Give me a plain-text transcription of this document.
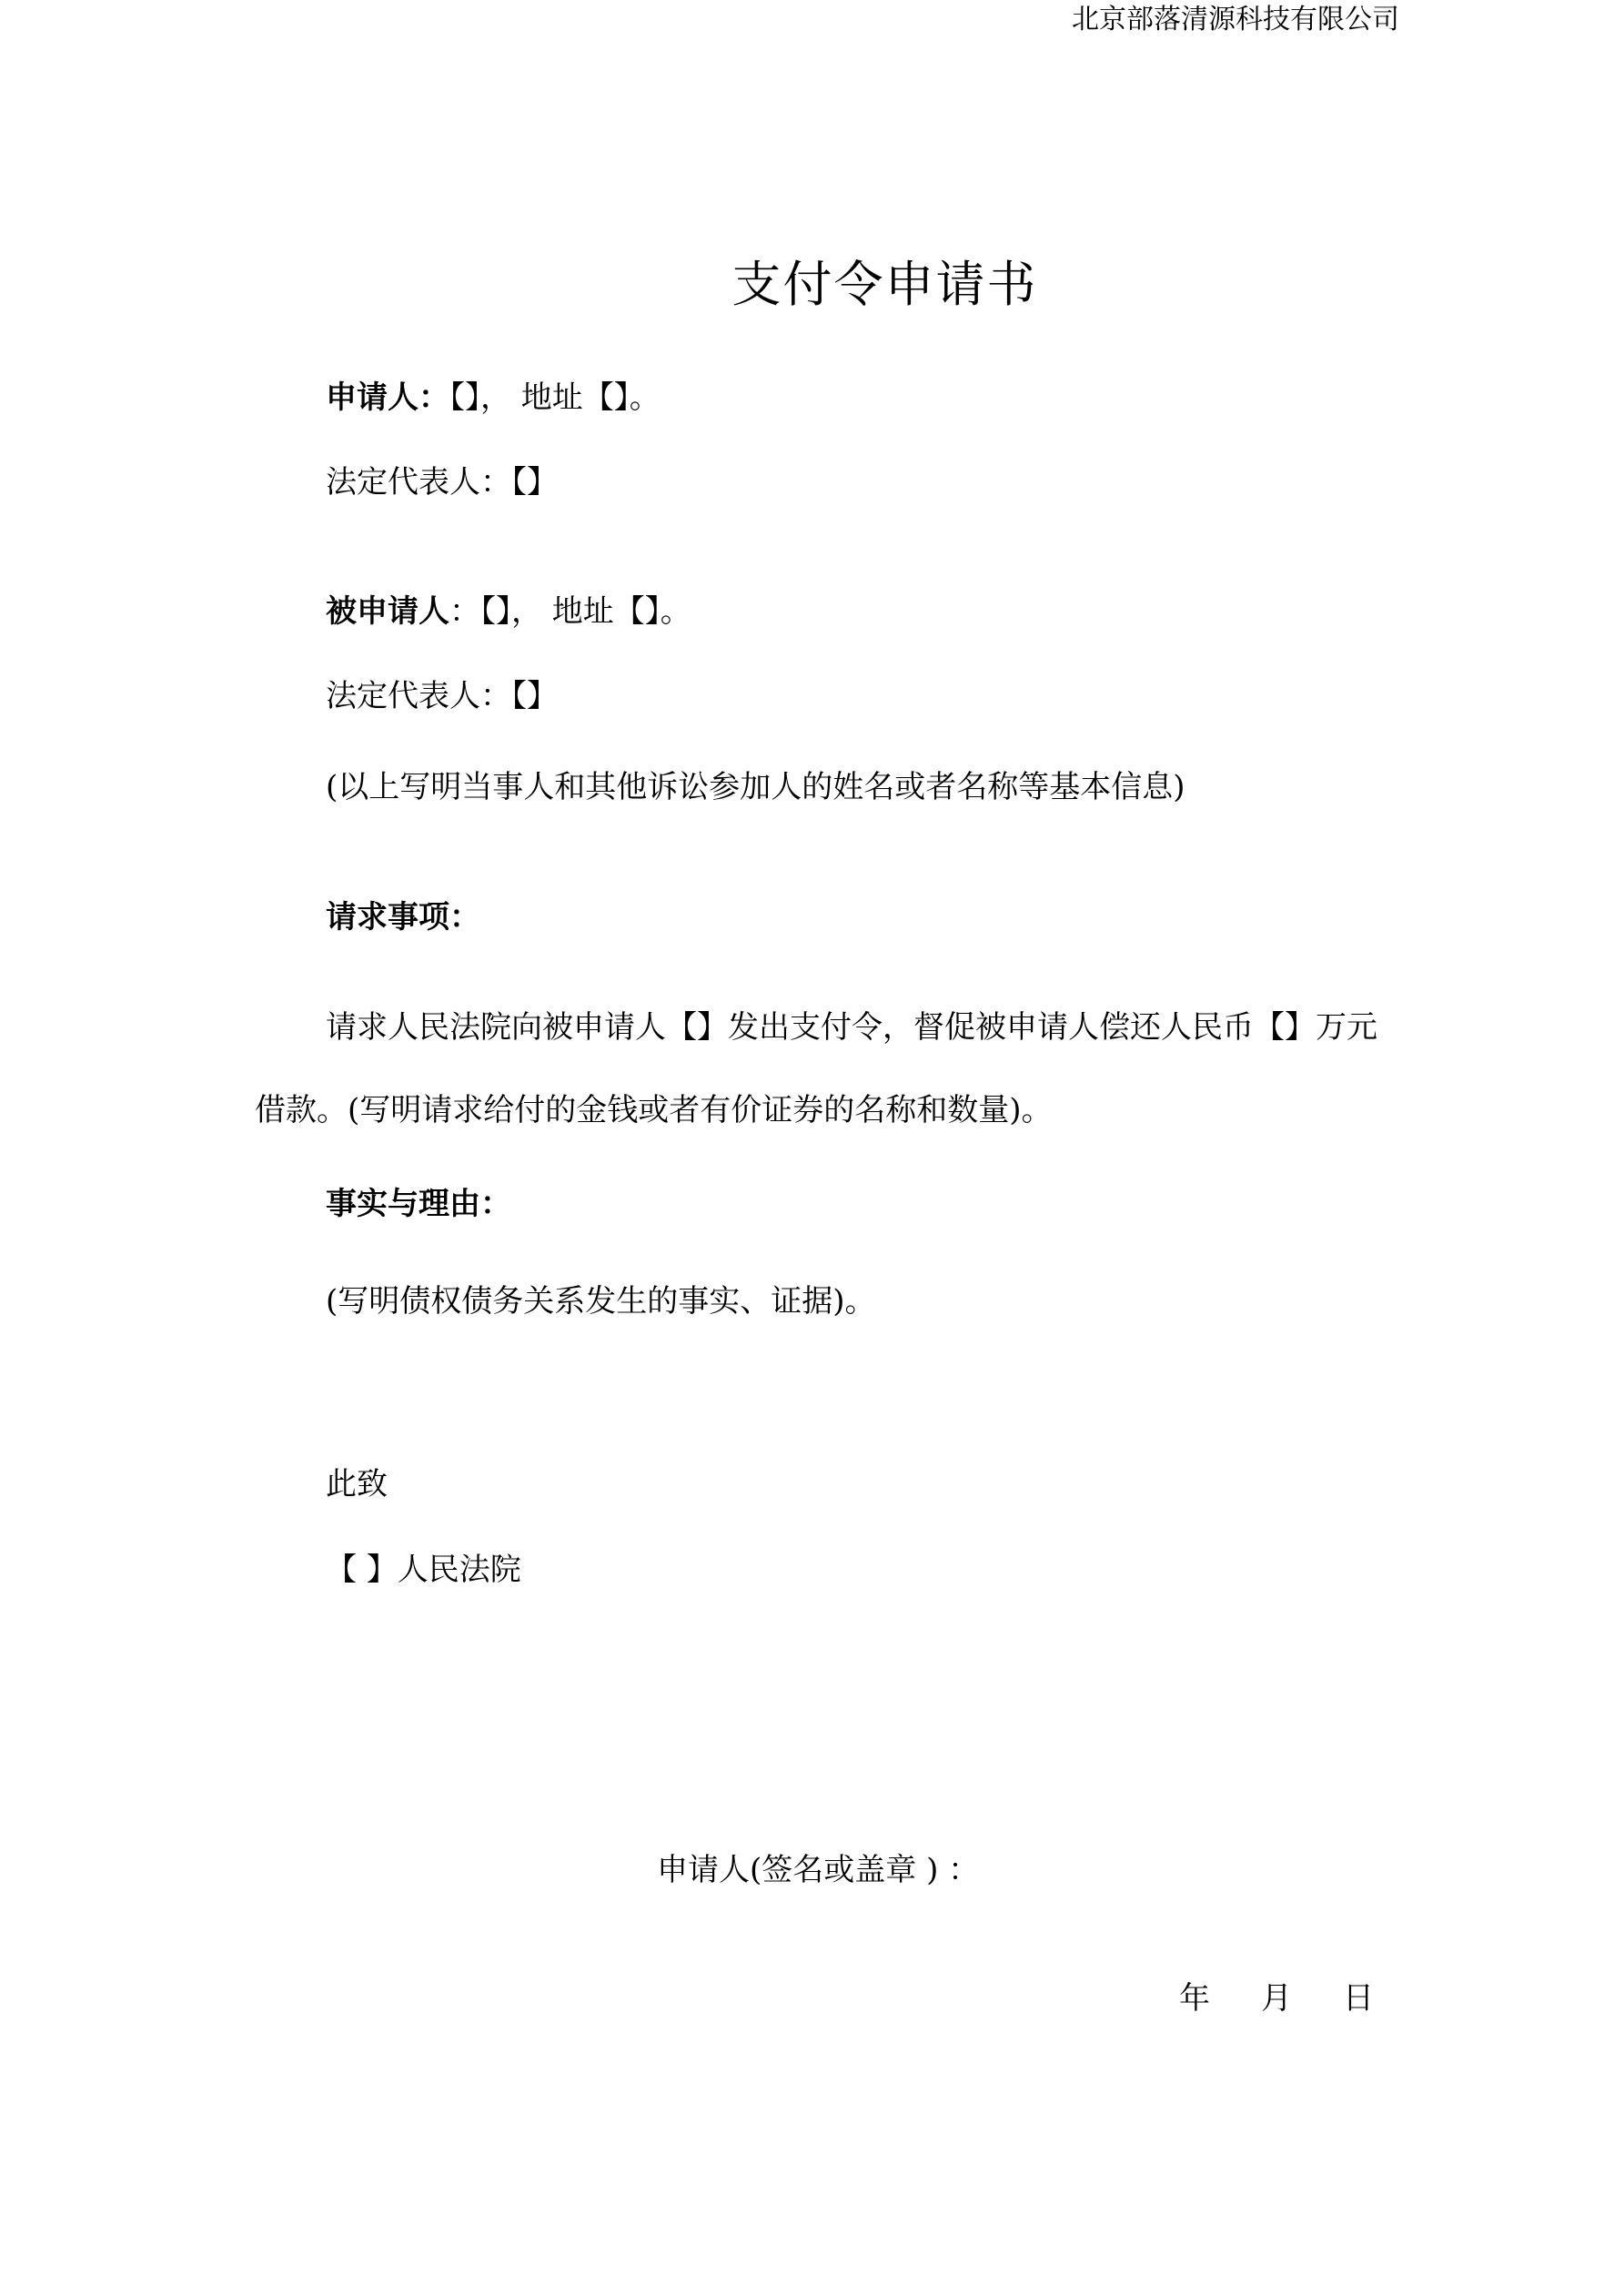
北京部落清源科技有限公司
支付令申请书
申请人：【】， 地址【】。
法定代表人：【】
被申请人：【】， 地址【】。
法定代表人：【】
(以上写明当事人和其他诉讼参加人的姓名或者名称等基本信息)
请求事项：
请求人民法院向被申请人【】发出支付令，督促被申请人偿还人民币【】万元借款。(写明请求给付的金钱或者有价证券的名称和数量)。
事实与理由：
(写明债权债务关系发生的事实、证据)。
此致
【 】人民法院
申请人(签名或盖章 ) ：
年 月 日
